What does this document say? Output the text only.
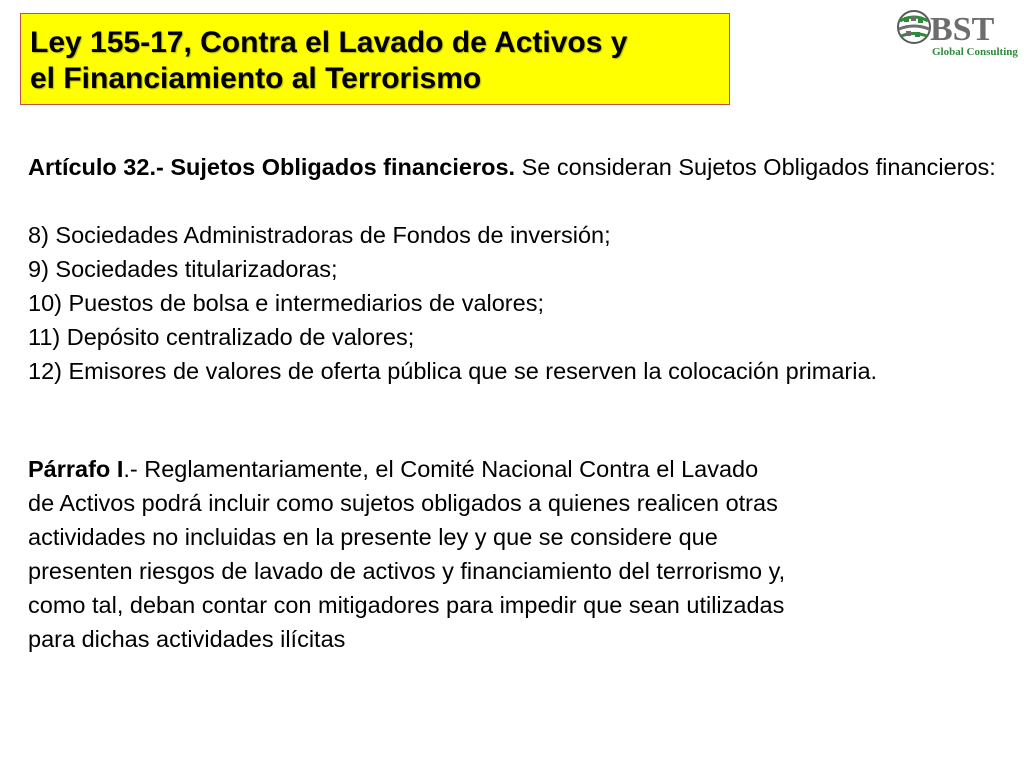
Ley 155-17, Contra el Lavado de Activos y
el Financiamiento al Terrorismo
BST
Global Consulting
Artículo 32.- Sujetos Obligados financieros. Se consideran Sujetos Obligados financieros:
8) Sociedades Administradoras de Fondos de inversión;
9) Sociedades titularizadoras;
10) Puestos de bolsa e intermediarios de valores;
11) Depósito centralizado de valores;
12) Emisores de valores de oferta pública que se reserven la colocación primaria.
Párrafo I.- Reglamentariamente, el Comité Nacional Contra el Lavado
de Activos podrá incluir como sujetos obligados a quienes realicen otras
actividades no incluidas en la presente ley y que se considere que
presenten riesgos de lavado de activos y financiamiento del terrorismo y,
como tal, deban contar con mitigadores para impedir que sean utilizadas
para dichas actividades ilícitas
